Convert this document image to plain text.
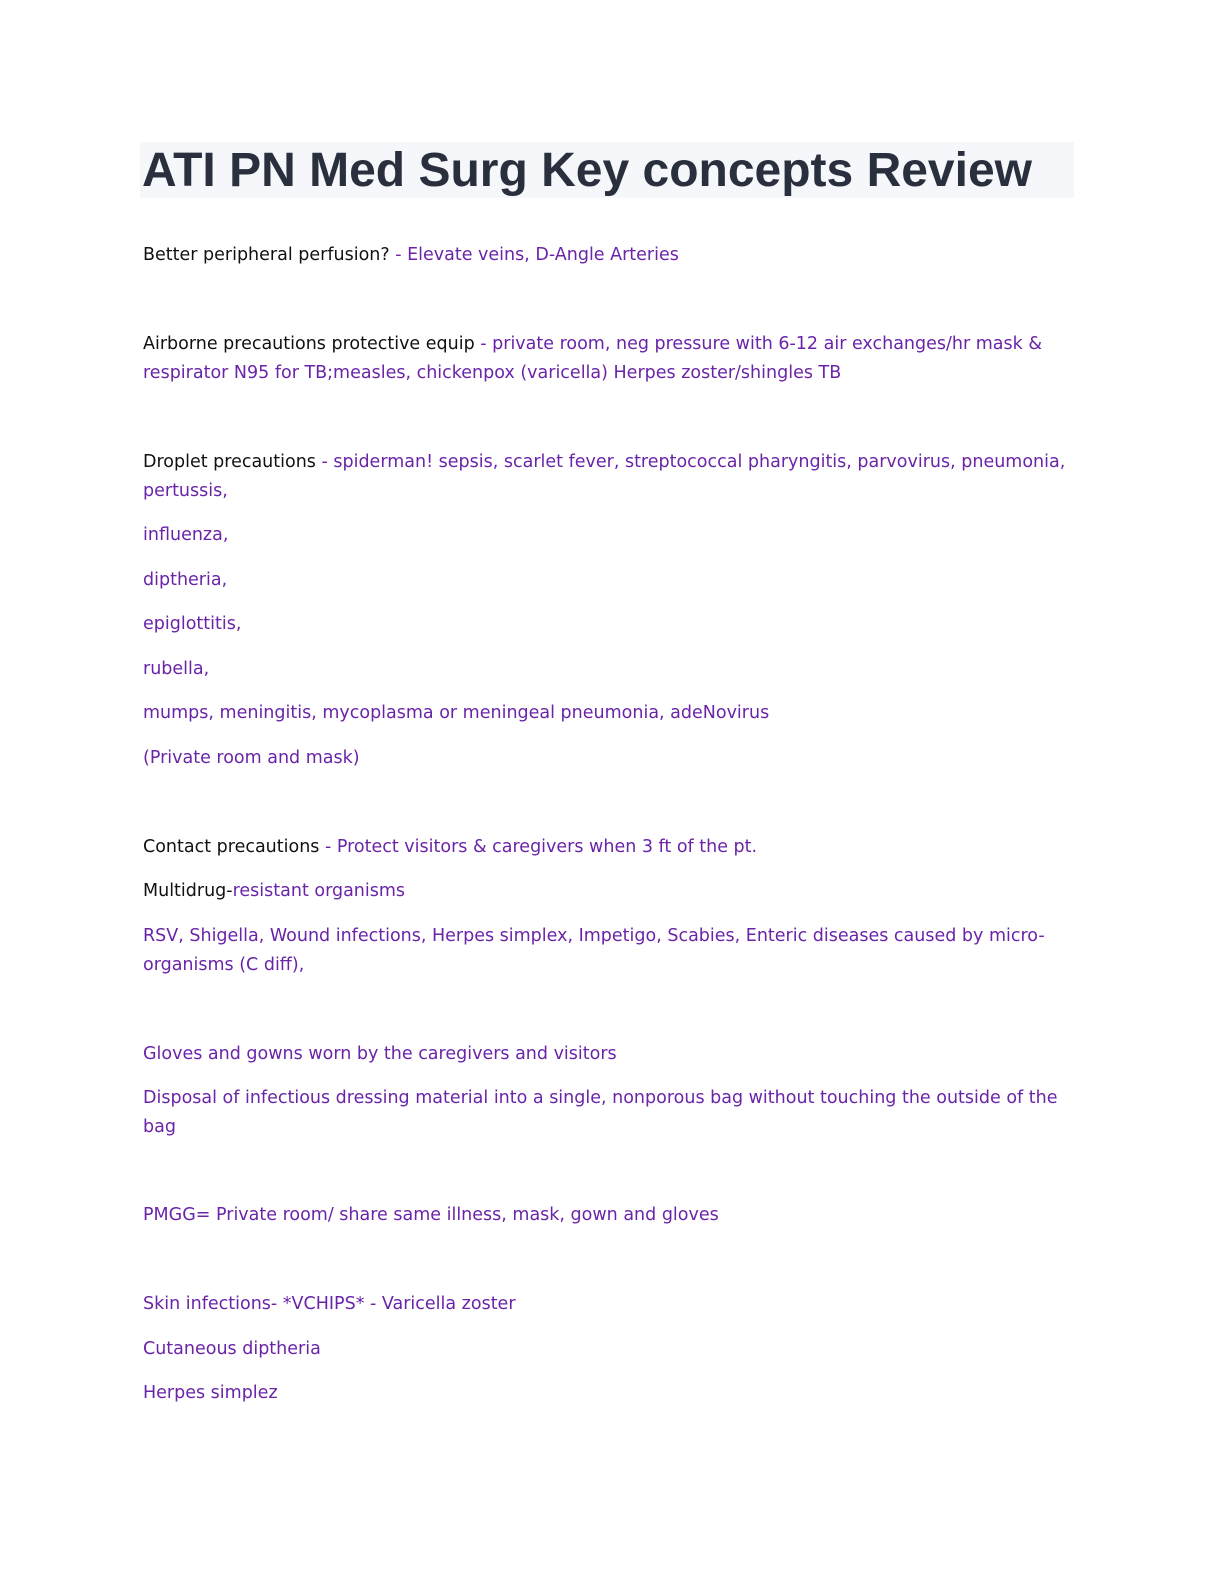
ATI PN Med Surg Key concepts Review

Better peripheral perfusion? - Elevate veins, D-Angle Arteries

Airborne precautions protective equip - private room, neg pressure with 6-12 air exchanges/hr mask &

respirator N95 for TB;measles, chickenpox (varicella) Herpes zoster/shingles TB

Droplet precautions - spiderman! sepsis, scarlet fever, streptococcal pharyngitis, parvovirus, pneumonia,

pertussis,

influenza,

diptheria,

epiglottitis,

rubella,

mumps, meningitis, mycoplasma or meningeal pneumonia, adeNovirus

(Private room and mask)

Contact precautions - Protect visitors & caregivers when 3 ft of the pt.

Multidrug-resistant organisms

RSV, Shigella, Wound infections, Herpes simplex, Impetigo, Scabies, Enteric diseases caused by micro-

organisms (C diff),

Gloves and gowns worn by the caregivers and visitors

Disposal of infectious dressing material into a single, nonporous bag without touching the outside of the

bag

PMGG= Private room/ share same illness, mask, gown and gloves

Skin infections- *VCHIPS* - Varicella zoster

Cutaneous diptheria

Herpes simplez
